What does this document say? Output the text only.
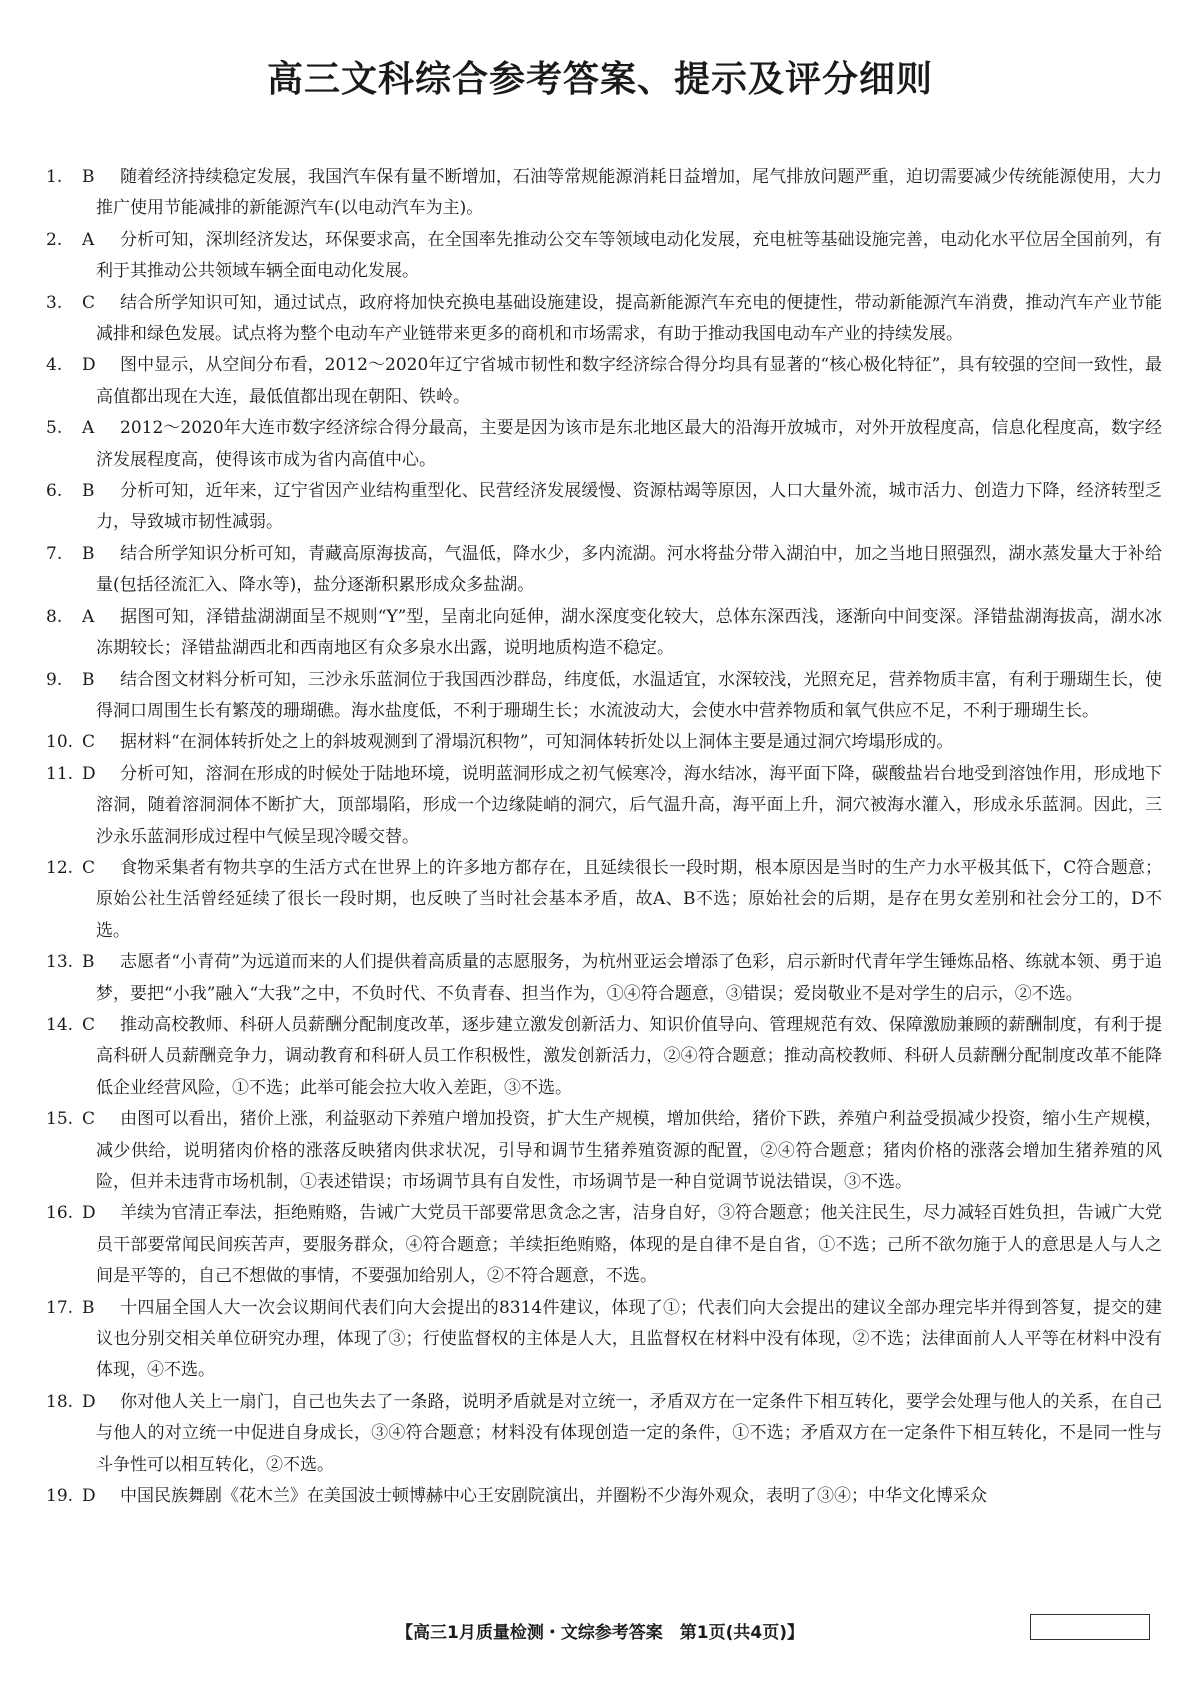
高三文科综合参考答案、提示及评分细则

1. B 随着经济持续稳定发展，我国汽车保有量不断增加，石油等常规能源消耗日益增加，尾气排放问题严重，迫切需要减少传统能源使用，大力推广使用节能减排的新能源汽车(以电动汽车为主)。

2. A 分析可知，深圳经济发达，环保要求高，在全国率先推动公交车等领域电动化发展，充电桩等基础设施完善，电动化水平位居全国前列，有利于其推动公共领域车辆全面电动化发展。

3. C 结合所学知识可知，通过试点，政府将加快充换电基础设施建设，提高新能源汽车充电的便捷性，带动新能源汽车消费，推动汽车产业节能减排和绿色发展。试点将为整个电动车产业链带来更多的商机和市场需求，有助于推动我国电动车产业的持续发展。

4. D 图中显示，从空间分布看，2012～2020年辽宁省城市韧性和数字经济综合得分均具有显著的“核心极化特征”，具有较强的空间一致性，最高值都出现在大连，最低值都出现在朝阳、铁岭。

5. A 2012～2020年大连市数字经济综合得分最高，主要是因为该市是东北地区最大的沿海开放城市，对外开放程度高，信息化程度高，数字经济发展程度高，使得该市成为省内高值中心。

6. B 分析可知，近年来，辽宁省因产业结构重型化、民营经济发展缓慢、资源枯竭等原因，人口大量外流，城市活力、创造力下降，经济转型乏力，导致城市韧性减弱。

7. B 结合所学知识分析可知，青藏高原海拔高，气温低，降水少，多内流湖。河水将盐分带入湖泊中，加之当地日照强烈，湖水蒸发量大于补给量(包括径流汇入、降水等)，盐分逐渐积累形成众多盐湖。

8. A 据图可知，泽错盐湖湖面呈不规则“Y”型，呈南北向延伸，湖水深度变化较大，总体东深西浅，逐渐向中间变深。泽错盐湖海拔高，湖水冰冻期较长；泽错盐湖西北和西南地区有众多泉水出露，说明地质构造不稳定。

9. B 结合图文材料分析可知，三沙永乐蓝洞位于我国西沙群岛，纬度低，水温适宜，水深较浅，光照充足，营养物质丰富，有利于珊瑚生长，使得洞口周围生长有繁茂的珊瑚礁。海水盐度低，不利于珊瑚生长；水流波动大，会使水中营养物质和氧气供应不足，不利于珊瑚生长。

10. C 据材料“在洞体转折处之上的斜坡观测到了滑塌沉积物”，可知洞体转折处以上洞体主要是通过洞穴垮塌形成的。

11. D 分析可知，溶洞在形成的时候处于陆地环境，说明蓝洞形成之初气候寒冷，海水结冰，海平面下降，碳酸盐岩台地受到溶蚀作用，形成地下溶洞，随着溶洞洞体不断扩大，顶部塌陷，形成一个边缘陡峭的洞穴，后气温升高，海平面上升，洞穴被海水灌入，形成永乐蓝洞。因此，三沙永乐蓝洞形成过程中气候呈现冷暖交替。

12. C 食物采集者有物共享的生活方式在世界上的许多地方都存在，且延续很长一段时期，根本原因是当时的生产力水平极其低下，C符合题意；原始公社生活曾经延续了很长一段时期，也反映了当时社会基本矛盾，故A、B不选；原始社会的后期，是存在男女差别和社会分工的，D不选。

13. B 志愿者“小青荷”为远道而来的人们提供着高质量的志愿服务，为杭州亚运会增添了色彩，启示新时代青年学生锤炼品格、练就本领、勇于追梦，要把“小我”融入“大我”之中，不负时代、不负青春、担当作为，①④符合题意，③错误；爱岗敬业不是对学生的启示，②不选。

14. C 推动高校教师、科研人员薪酬分配制度改革，逐步建立激发创新活力、知识价值导向、管理规范有效、保障激励兼顾的薪酬制度，有利于提高科研人员薪酬竞争力，调动教育和科研人员工作积极性，激发创新活力，②④符合题意；推动高校教师、科研人员薪酬分配制度改革不能降低企业经营风险，①不选；此举可能会拉大收入差距，③不选。

15. C 由图可以看出，猪价上涨，利益驱动下养殖户增加投资，扩大生产规模，增加供给，猪价下跌，养殖户利益受损减少投资，缩小生产规模，减少供给，说明猪肉价格的涨落反映猪肉供求状况，引导和调节生猪养殖资源的配置，②④符合题意；猪肉价格的涨落会增加生猪养殖的风险，但并未违背市场机制，①表述错误；市场调节具有自发性，市场调节是一种自觉调节说法错误，③不选。

16. D 羊续为官清正奉法，拒绝贿赂，告诫广大党员干部要常思贪念之害，洁身自好，③符合题意；他关注民生，尽力减轻百姓负担，告诫广大党员干部要常闻民间疾苦声，要服务群众，④符合题意；羊续拒绝贿赂，体现的是自律不是自省，①不选；己所不欲勿施于人的意思是人与人之间是平等的，自己不想做的事情，不要强加给别人，②不符合题意，不选。

17. B 十四届全国人大一次会议期间代表们向大会提出的8314件建议，体现了①；代表们向大会提出的建议全部办理完毕并得到答复，提交的建议也分别交相关单位研究办理，体现了③；行使监督权的主体是人大，且监督权在材料中没有体现，②不选；法律面前人人平等在材料中没有体现，④不选。

18. D 你对他人关上一扇门，自己也失去了一条路，说明矛盾就是对立统一，矛盾双方在一定条件下相互转化，要学会处理与他人的关系，在自己与他人的对立统一中促进自身成长，③④符合题意；材料没有体现创造一定的条件，①不选；矛盾双方在一定条件下相互转化，不是同一性与斗争性可以相互转化，②不选。

19. D 中国民族舞剧《花木兰》在美国波士顿博赫中心王安剧院演出，并圈粉不少海外观众，表明了③④；中华文化博采众

【高三1月质量检测・文综参考答案　第1页(共4页)】
